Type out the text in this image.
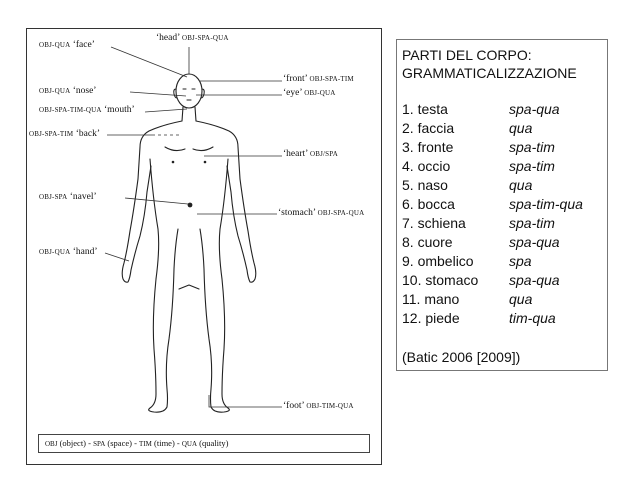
OBJ-QUA ‘face’
‘head’ OBJ-SPA-QUA
‘front’ OBJ-SPA-TIM
‘eye’ OBJ-QUA
OBJ-QUA ‘nose’
OBJ-SPA-TIM-QUA ‘mouth’
OBJ-SPA-TIM ‘back’
‘heart’ OBJ/SPA
OBJ-SPA ‘navel’
‘stomach’ OBJ-SPA-QUA
OBJ-QUA ‘hand’
‘foot’ OBJ-TIM-QUA
OBJ (object) - SPA (space) - TIM (time) - QUA (quality)
PARTI DEL CORPO:
GRAMMATICALIZZAZIONE
1. testa	spa-qua
2. faccia	qua
3. fronte	spa-tim
4. occio	spa-tim
5. naso	qua
6. bocca	spa-tim-qua
7. schiena	spa-tim
8. cuore	spa-qua
9. ombelico	spa
10. stomaco spa-qua
11. mano	qua
12. piede	tim-qua
(Batic 2006 [2009])
